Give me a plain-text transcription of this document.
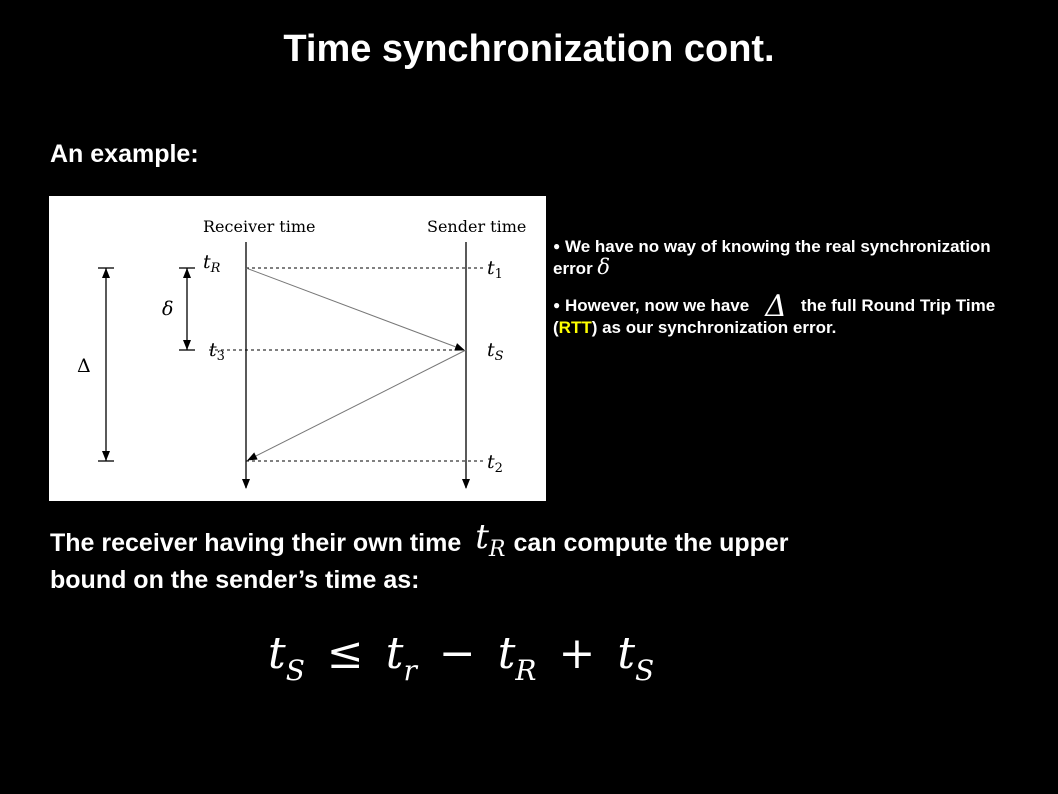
Time synchronization cont.
An example:
Receiver time	Sender time
δ
Δ
$t_R$
$t_3$
$t_1$
$t_S$
$t_2$
● We have no way of knowing the real synchronization error δ
● However, now we have Δ the full Round Trip Time (RTT) as our synchronization error.
The receiver having their own time $t_R$ can compute the upper bound on the sender’s time as:
$t_S \le t_r - t_R + t_S$
